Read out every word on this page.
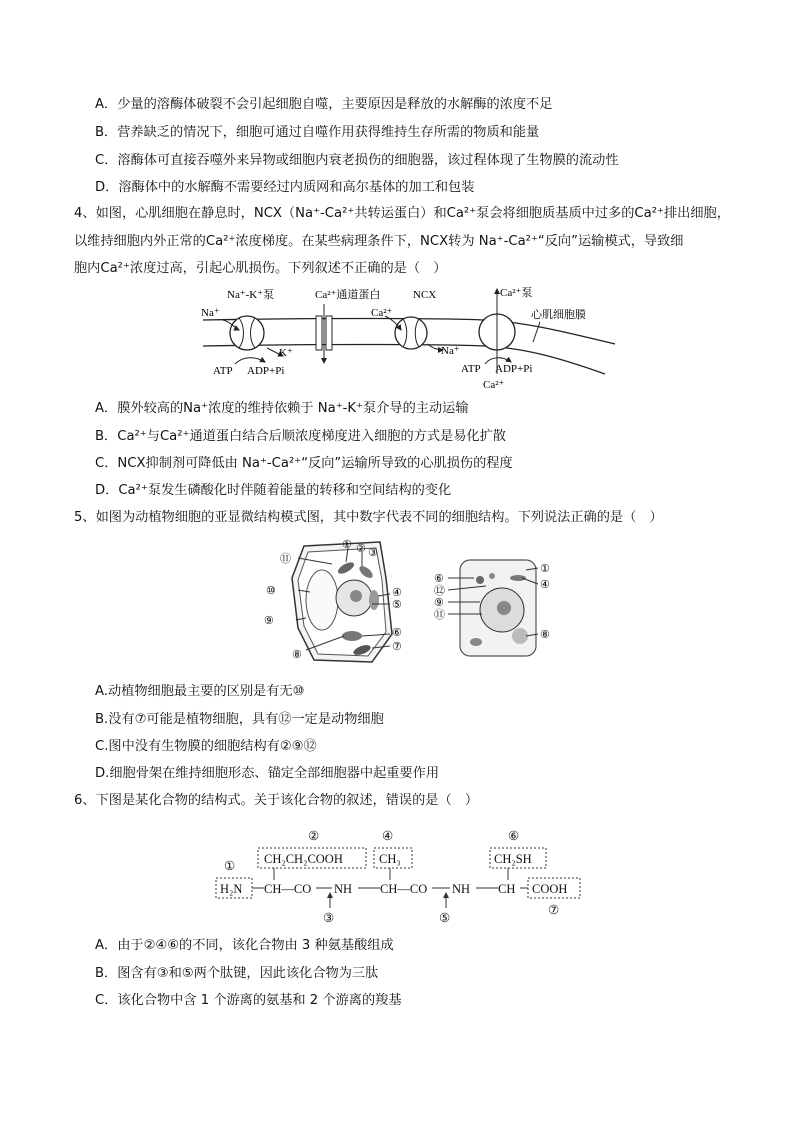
A．少量的溶酶体破裂不会引起细胞自噬，主要原因是释放的水解酶的浓度不足
B．营养缺乏的情况下，细胞可通过自噬作用获得维持生存所需的物质和能量
C．溶酶体可直接吞噬外来异物或细胞内衰老损伤的细胞器，该过程体现了生物膜的流动性
D．溶酶体中的水解酶不需要经过内质网和高尔基体的加工和包装
4、如图，心肌细胞在静息时，NCX（Na⁺-Ca²⁺共转运蛋白）和Ca²⁺泵会将细胞质基质中过多的Ca²⁺排出细胞，
以维持细胞内外正常的Ca²⁺浓度梯度。在某些病理条件下，NCX转为 Na⁺-Ca²⁺“反向”运输模式，导致细
胞内Ca²⁺浓度过高，引起心肌损伤。下列叙述不正确的是（　）
Na⁺-K⁺泵	Ca²⁺通道蛋白	NCX	Ca²⁺泵
心肌细胞膜
Na⁺
K⁺
ATP ADP+Pi
Ca²⁺
Na⁺
ATP ADP+Pi
Ca²⁺
A．膜外较高的Na⁺浓度的维持依赖于 Na⁺-K⁺泵介导的主动运输
B．Ca²⁺与Ca²⁺通道蛋白结合后顺浓度梯度进入细胞的方式是易化扩散
C．NCX抑制剂可降低由 Na⁺-Ca²⁺“反向”运输所导致的心肌损伤的程度
D．Ca²⁺泵发生磷酸化时伴随着能量的转移和空间结构的变化
5、如图为动植物细胞的亚显微结构模式图，其中数字代表不同的细胞结构。下列说法正确的是（　）
⑪
① ② ③
⑩	④
⑤
⑨
⑥
⑧
⑦
⑥
⑫
⑨
⑪
①
④
⑧
A.动植物细胞最主要的区别是有无⑩
B.没有⑦可能是植物细胞，具有⑫一定是动物细胞
C.图中没有生物膜的细胞结构有②⑨⑫
D.细胞骨架在维持细胞形态、锚定全部细胞器中起重要作用
6、下图是某化合物的结构式。关于该化合物的叙述，错误的是（　）
②	④	⑥
① CH₂CH₂COOH	CH₃	CH₂SH
H₂N CH—CO NH CH—CO NH CH COOH
③	⑤
⑦
A．由于②④⑥的不同，该化合物由 3 种氨基酸组成
B．图含有③和⑤两个肽键，因此该化合物为三肽
C．该化合物中含 1 个游离的氨基和 2 个游离的羧基
